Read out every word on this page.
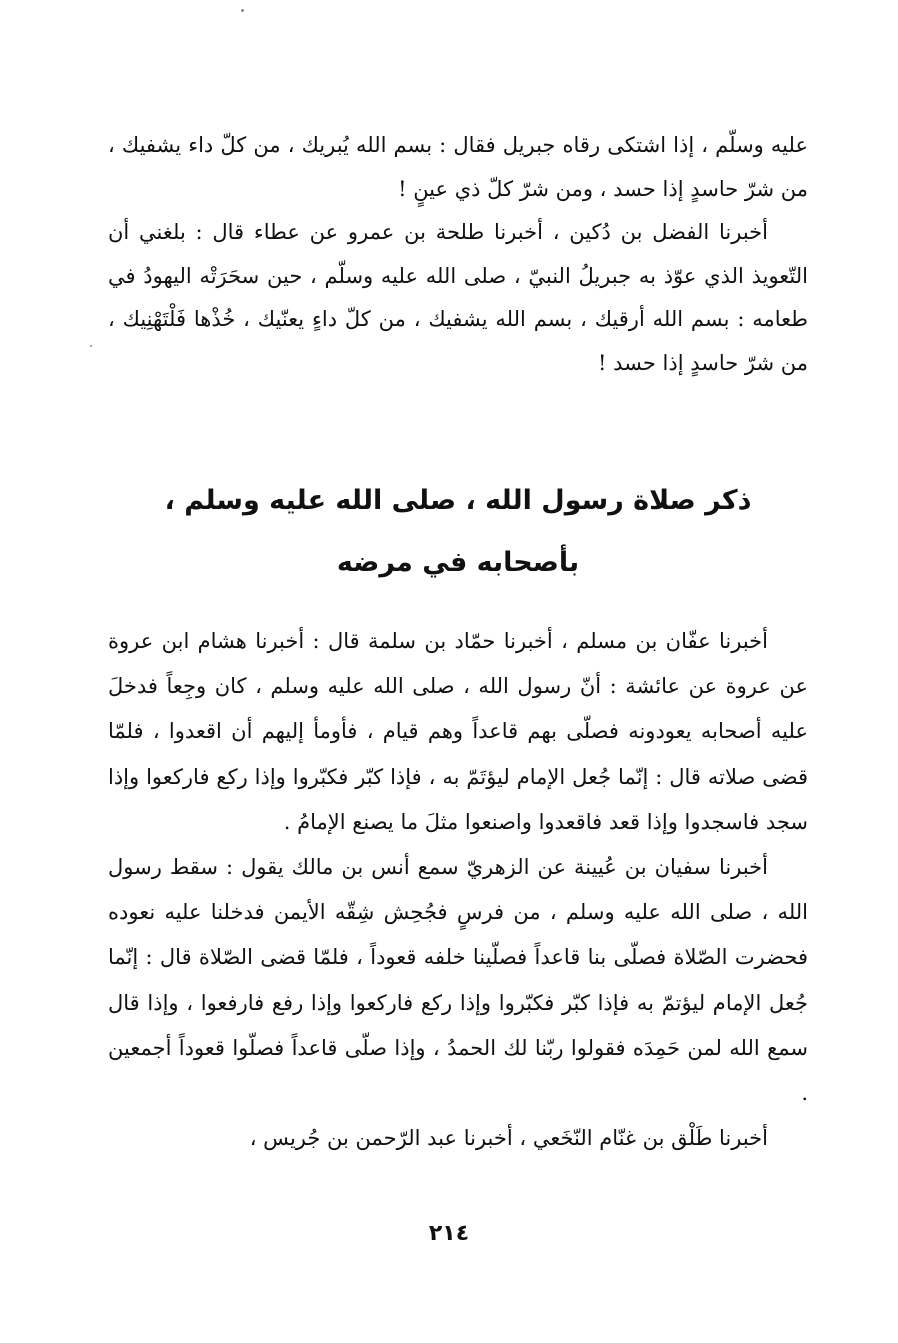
عليه وسلّم ، إذا اشتكى رقاه جبريل فقال : بسم الله يُبريك ، من كلّ داء يشفيك ، من شرّ حاسدٍ إذا حسد ، ومن شرّ كلّ ذي عينٍ !

أخبرنا الفضل بن دُكين ، أخبرنا طلحة بن عمرو عن عطاء قال : بلغني أن التّعويذ الذي عوّذ به جبريلُ النبيّ ، صلى الله عليه وسلّم ، حين سحَرَتْه اليهودُ في طعامه : بسم الله أرقيك ، بسم الله يشفيك ، من كلّ داءٍ يعنّيك ، خُذْها فَلْتَهْنِيك ، من شرّ حاسدٍ إذا حسد !

ذكر صلاة رسول الله ، صلى الله عليه وسلم ،
بأصحابه في مرضه

أخبرنا عفّان بن مسلم ، أخبرنا حمّاد بن سلمة قال : أخبرنا هشام ابن عروة عن عروة عن عائشة : أنّ رسول الله ، صلى الله عليه وسلم ، كان وجِعاً فدخلَ عليه أصحابه يعودونه فصلّى بهم قاعداً وهم قيام ، فأومأ إليهم أن اقعدوا ، فلمّا قضى صلاته قال : إنّما جُعل الإمام ليؤتَمّ به ، فإذا كبّر فكبّروا وإذا ركع فاركعوا وإذا سجد فاسجدوا وإذا قعد فاقعدوا واصنعوا مثلَ ما يصنع الإمامُ .

أخبرنا سفيان بن عُيينة عن الزهريّ سمع أنس بن مالك يقول : سقط رسول الله ، صلى الله عليه وسلم ، من فرسٍ فجُحِش شِقّه الأيمن فدخلنا عليه نعوده فحضرت الصّلاة فصلّى بنا قاعداً فصلّينا خلفه قعوداً ، فلمّا قضى الصّلاة قال : إنّما جُعل الإمام ليؤتمّ به فإذا كبّر فكبّروا وإذا ركع فاركعوا وإذا رفع فارفعوا ، وإذا قال سمع الله لمن حَمِدَه فقولوا ربّنا لك الحمدُ ، وإذا صلّى قاعداً فصلّوا قعوداً أجمعين .

أخبرنا طَلْق بن غنّام النّخَعي ، أخبرنا عبد الرّحمن بن جُريس ،

٢١٤
